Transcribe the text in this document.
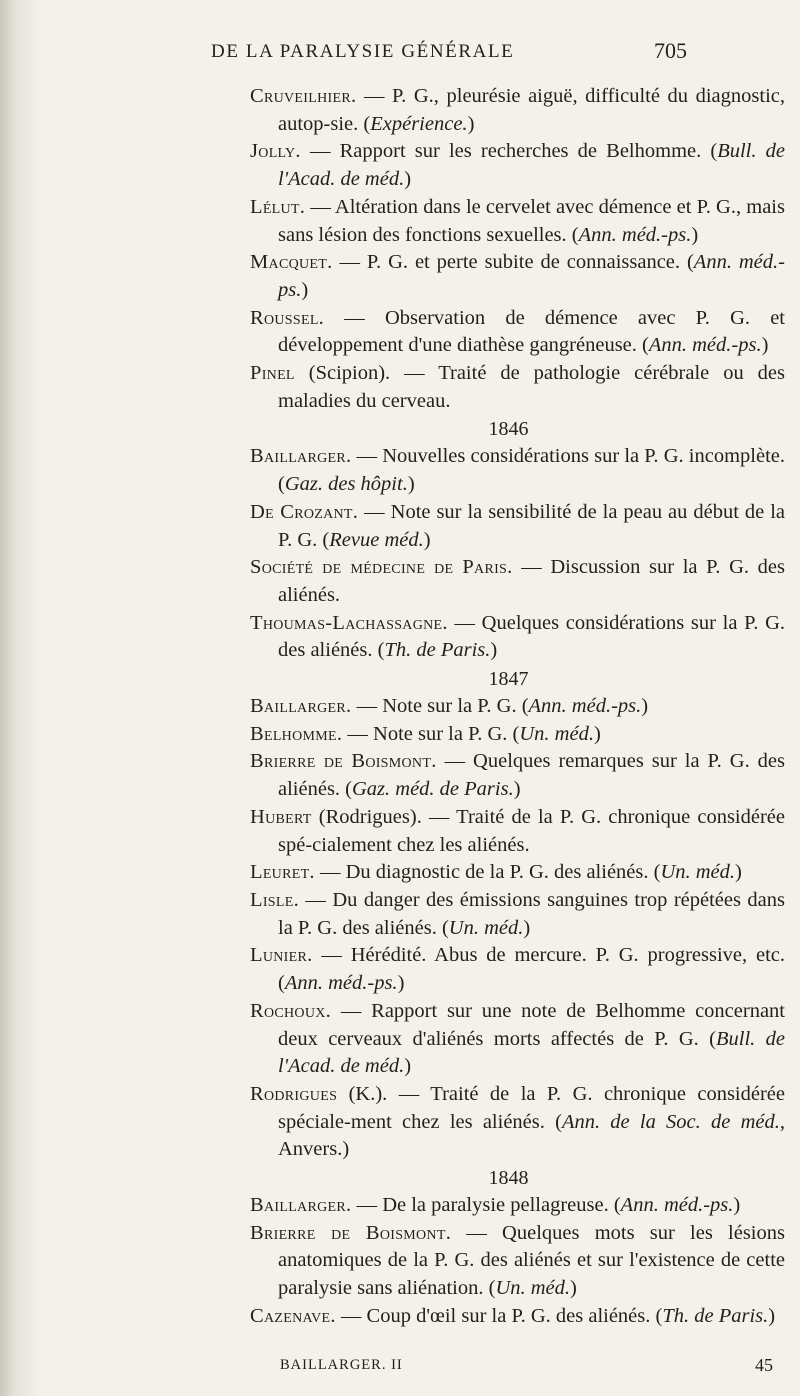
DE LA PARALYSIE GÉNÉRALE	705

Cruveilhier. — P. G., pleurésie aiguë, difficulté du diagnostic, autop-sie. (Expérience.)

Jolly. — Rapport sur les recherches de Belhomme. (Bull. de l'Acad. de méd.)

Lélut. — Altération dans le cervelet avec démence et P. G., mais sans lésion des fonctions sexuelles. (Ann. méd.-ps.)

Macquet. — P. G. et perte subite de connaissance. (Ann. méd.-ps.)

Roussel. — Observation de démence avec P. G. et développement d'une diathèse gangréneuse. (Ann. méd.-ps.)

Pinel (Scipion). — Traité de pathologie cérébrale ou des maladies du cerveau.

1846

Baillarger. — Nouvelles considérations sur la P. G. incomplète. (Gaz. des hôpit.)

De Crozant. — Note sur la sensibilité de la peau au début de la P. G. (Revue méd.)

Société de médecine de Paris. — Discussion sur la P. G. des aliénés.

Thoumas-Lachassagne. — Quelques considérations sur la P. G. des aliénés. (Th. de Paris.)

1847

Baillarger. — Note sur la P. G. (Ann. méd.-ps.)

Belhomme. — Note sur la P. G. (Un. méd.)

Brierre de Boismont. — Quelques remarques sur la P. G. des aliénés. (Gaz. méd. de Paris.)

Hubert (Rodrigues). — Traité de la P. G. chronique considérée spé-cialement chez les aliénés.

Leuret. — Du diagnostic de la P. G. des aliénés. (Un. méd.)

Lisle. — Du danger des émissions sanguines trop répétées dans la P. G. des aliénés. (Un. méd.)

Lunier. — Hérédité. Abus de mercure. P. G. progressive, etc. (Ann. méd.-ps.)

Rochoux. — Rapport sur une note de Belhomme concernant deux cerveaux d'aliénés morts affectés de P. G. (Bull. de l'Acad. de méd.)

Rodrigues (K.). — Traité de la P. G. chronique considérée spéciale-ment chez les aliénés. (Ann. de la Soc. de méd., Anvers.)

1848

Baillarger. — De la paralysie pellagreuse. (Ann. méd.-ps.)

Brierre de Boismont. — Quelques mots sur les lésions anatomiques de la P. G. des aliénés et sur l'existence de cette paralysie sans aliénation. (Un. méd.)

Cazenave. — Coup d'œil sur la P. G. des aliénés. (Th. de Paris.)

BAILLARGER. II	45
